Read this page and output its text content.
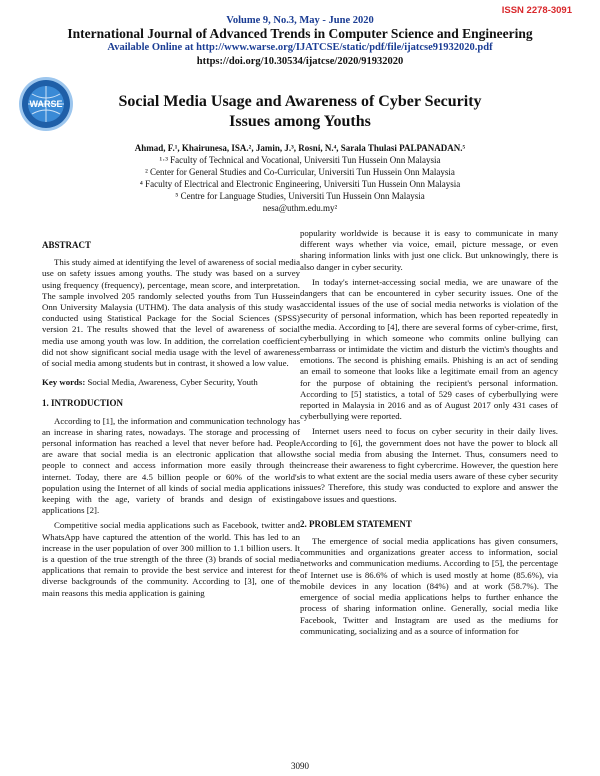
ISSN 2278-3091
Volume 9, No.3, May - June 2020
International Journal of Advanced Trends in Computer Science and Engineering
Available Online at http://www.warse.org/IJATCSE/static/pdf/file/ijatcse91932020.pdf
https://doi.org/10.30534/ijatcse/2020/91932020
WARSE	Social Media Usage and Awareness of Cyber Security
Issues among Youths
Ahmad, F.¹, Khairunesa, ISA.², Jamin, J.³, Rosni, N.⁴, Sarala Thulasi PALPANADAN.⁵
¹·³ Faculty of Technical and Vocational, Universiti Tun Hussein Onn Malaysia
² Center for General Studies and Co-Curricular, Universiti Tun Hussein Onn Malaysia
⁴ Faculty of Electrical and Electronic Engineering, Universiti Tun Hussein Onn Malaysia
⁵ Centre for Language Studies, Universiti Tun Hussein Onn Malaysia
nesa@uthm.edu.my²
ABSTRACT
This study aimed at identifying the level of awareness of social media use on safety issues among youths. The study was based on a survey using frequency (frequency), percentage, mean score, and interpretation. The sample involved 205 randomly selected youths from Tun Hussein Onn University Malaysia (UTHM). The data analysis of this study was conducted using Statistical Package for the Social Sciences (SPSS) version 21. The results showed that the level of awareness of social media use among youth was low. In addition, the correlation coefficient did not show significant social media usage with the level of awareness of social media among students but in contrast, it showed a low value.
Key words: Social Media, Awareness, Cyber Security, Youth
1. INTRODUCTION
According to [1], the information and communication technology has an increase in sharing rates, nowadays. The storage and processing of personal information has reached a level that never before had. People are aware that social media is an electronic application that allows people to connect and access information more easily through the internet. Today, there are 4.5 billion people or 60% of the world's population using the Internet of all kinds of social media applications in keeping with the age, variety of brands and design of existing applications [2].
Competitive social media applications such as Facebook, twitter and WhatsApp have captured the attention of the world. This has led to an increase in the user population of over 300 million to 1.1 billion users. It is a question of the true strength of the three (3) brands of social media applications that remain to provide the best service and interest for the diverse backgrounds of the community. According to [3], one of the main reasons this media application is gaining
popularity worldwide is because it is easy to communicate in many different ways whether via voice, email, picture message, or even sharing information links with just one click. But unknowingly, there is also danger in cyber security.
In today's internet-accessing social media, we are unaware of the dangers that can be encountered in cyber security issues. One of the accidental issues of the use of social media networks is violation of the security of personal information, which has been reported repeatedly in the media. According to [4], there are several forms of cyber-crime, first, cyberbullying in which someone who commits online bullying can embarrass or intimidate the victim and disturb the victim's thoughts and emotions. The second is phishing emails. Phishing is an act of sending an email to someone that looks like a legitimate email from an agency for the purpose of obtaining the recipient's personal information. According to [5] statistics, a total of 529 cases of cyberbullying were reported in Malaysia in 2016 and as of August 2017 only 431 cases of cyberbullying were reported.
Internet users need to focus on cyber security in their daily lives. According to [6], the government does not have the power to block all the social media from abusing the Internet. Thus, consumers need to increase their awareness to fight cybercrime. However, the question here is to what extent are the social media users aware of these cyber security issues? Therefore, this study was conducted to explore and answer the above issues and questions.
2. PROBLEM STATEMENT
The emergence of social media applications has given consumers, communities and organizations greater access to information, social networks and communication mediums. According to [5], the percentage of Internet use is 86.6% of which is used mostly at home (85.6%), via mobile devices in any location (84%) and at work (58.7%). The emergence of social media applications helps to further enhance the process of sharing information online. Generally, social media like Facebook, Twitter and Instagram are used as the mediums for communicating, socializing and as a source of information for
3090
